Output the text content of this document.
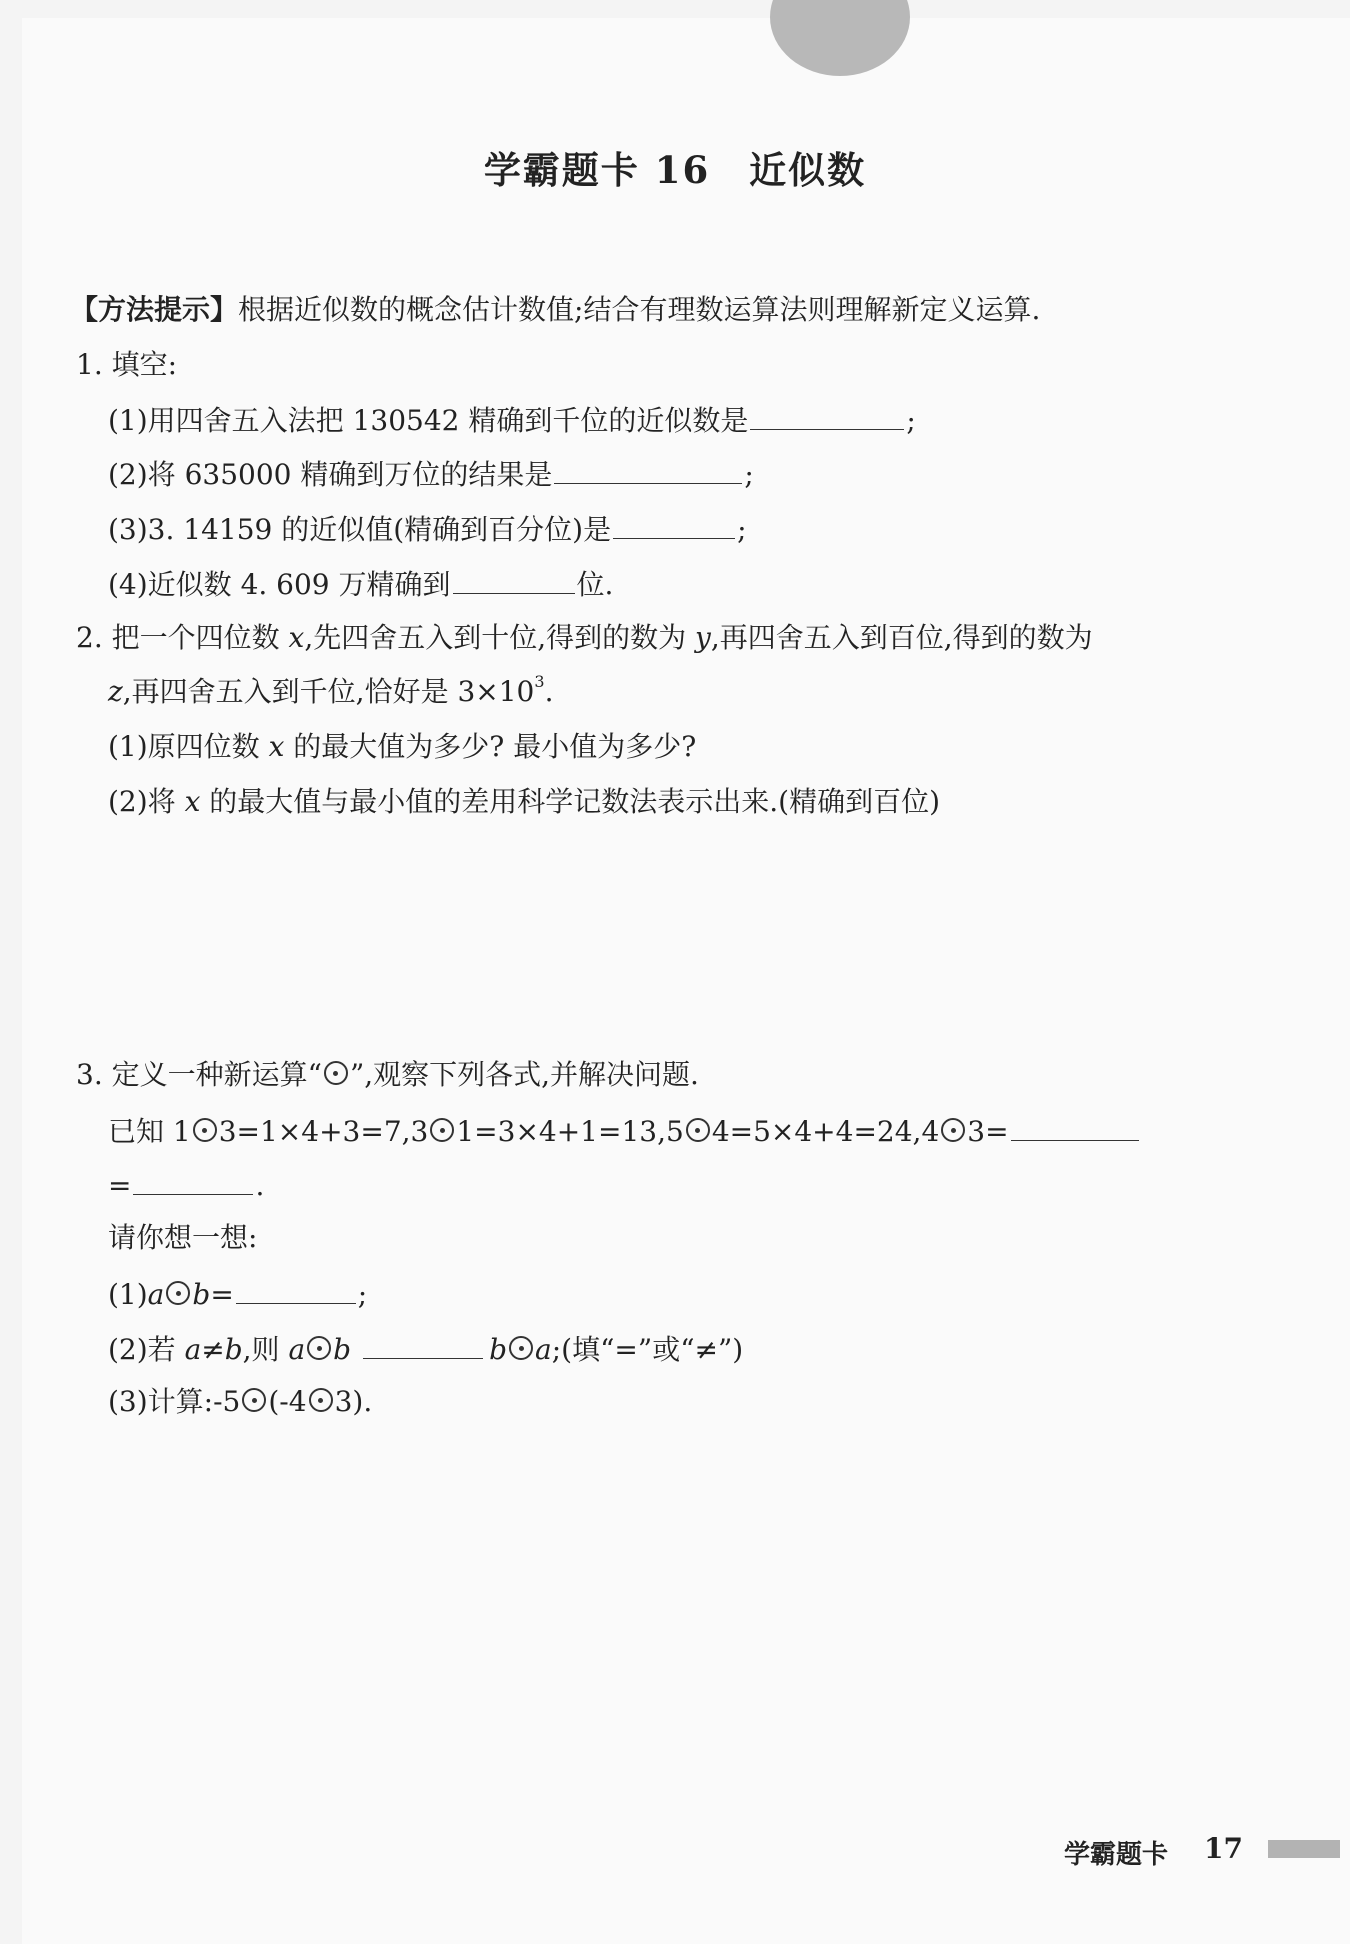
学霸题卡 16　近似数
【方法提示】根据近似数的概念估计数值;结合有理数运算法则理解新定义运算.
1. 填空:
(1)用四舍五入法把 130542 精确到千位的近似数是	;
(2)将 635000 精确到万位的结果是	;
(3)3. 14159 的近似值(精确到百分位)是	;
(4)近似数 4. 609 万精确到	位.
2. 把一个四位数 x,先四舍五入到十位,得到的数为 y,再四舍五入到百位,得到的数为
z,再四舍五入到千位,恰好是 $3\times 10^3$.
(1)原四位数 x 的最大值为多少? 最小值为多少?
(2)将 x 的最大值与最小值的差用科学记数法表示出来.(精确到百位)
3. 定义一种新运算“ ”,观察下列各式,并解决问题.
已知 1 3=1×4+3=7,3 1=3×4+1=13,5 4=5×4+4=24,4 3=
=	.
请你想一想:
(1)a b=	;
(2)若 a≠b,则 a b	b a;(填“=”或“≠”)
(3)计算:-5 (-4 3).
学霸题卡 17
